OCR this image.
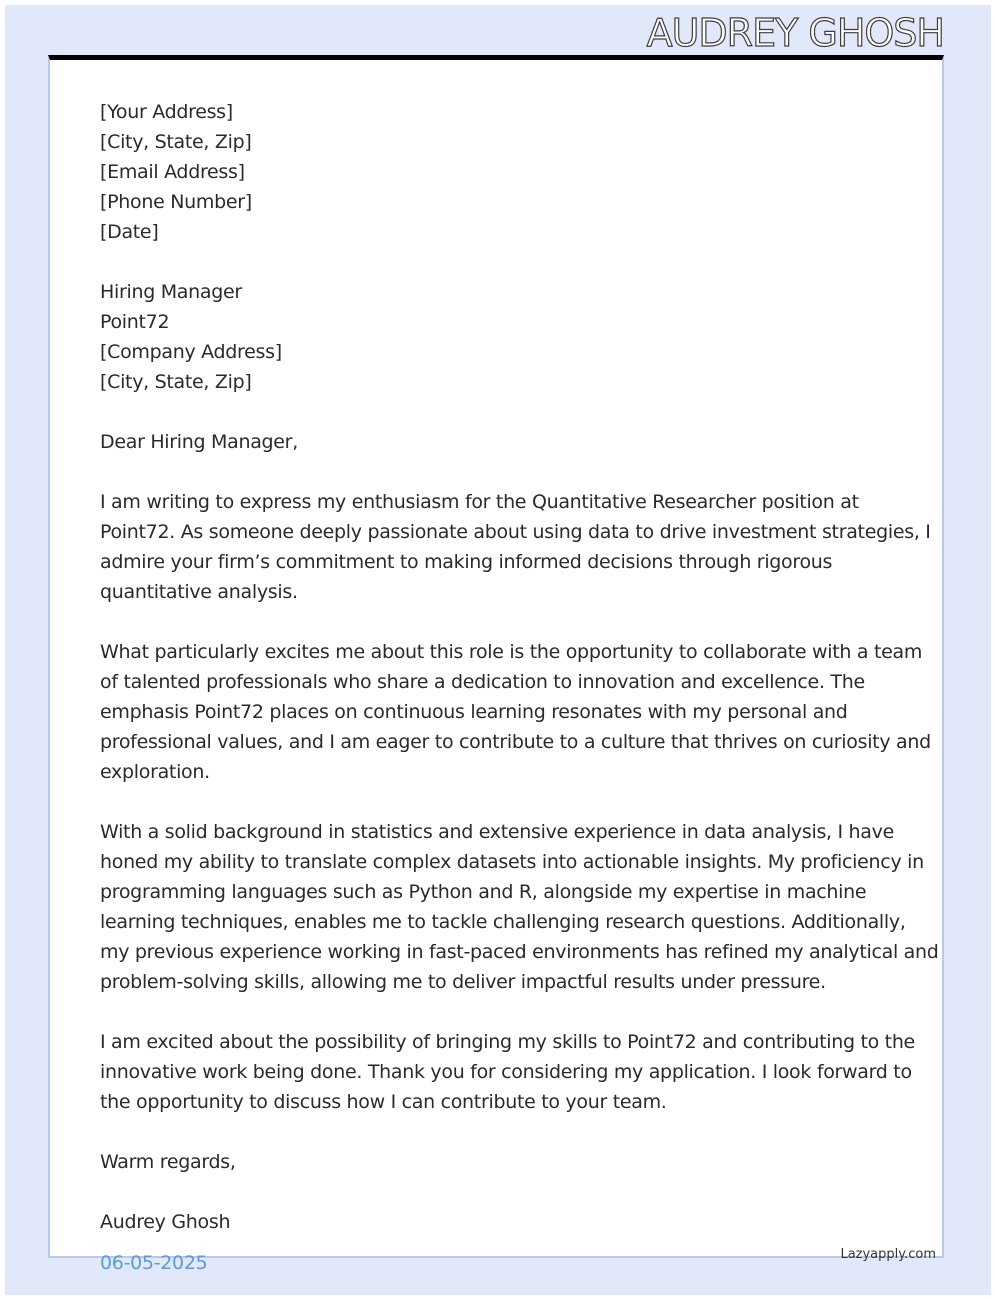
AUDREY GHOSH
[Your Address]
[City, State, Zip]
[Email Address]
[Phone Number]
[Date]
Hiring Manager
Point72
[Company Address]
[City, State, Zip]
Dear Hiring Manager,
I am writing to express my enthusiasm for the Quantitative Researcher position at
Point72. As someone deeply passionate about using data to drive investment strategies, I
admire your firm’s commitment to making informed decisions through rigorous
quantitative analysis.
What particularly excites me about this role is the opportunity to collaborate with a team
of talented professionals who share a dedication to innovation and excellence. The
emphasis Point72 places on continuous learning resonates with my personal and
professional values, and I am eager to contribute to a culture that thrives on curiosity and
exploration.
With a solid background in statistics and extensive experience in data analysis, I have
honed my ability to translate complex datasets into actionable insights. My proficiency in
programming languages such as Python and R, alongside my expertise in machine
learning techniques, enables me to tackle challenging research questions. Additionally,
my previous experience working in fast-paced environments has refined my analytical and
problem-solving skills, allowing me to deliver impactful results under pressure.
I am excited about the possibility of bringing my skills to Point72 and contributing to the
innovative work being done. Thank you for considering my application. I look forward to
the opportunity to discuss how I can contribute to your team.
Warm regards,
Audrey Ghosh
06-05-2025	Lazyapply.com
